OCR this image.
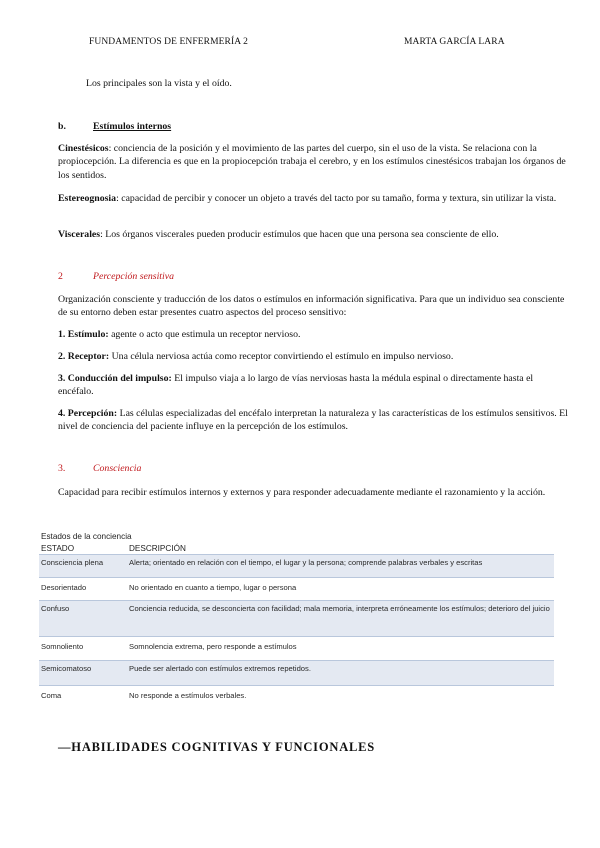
FUNDAMENTOS DE ENFERMERÍA 2	MARTA GARCÍA LARA

Los principales son la vista y el oído.

b.	Estímulos internos

Cinestésicos: conciencia de la posición y el movimiento de las partes del cuerpo, sin el uso de la vista. Se relaciona con la propiocepción. La diferencia es que en la propiocepción trabaja el cerebro, y en los estímulos cinestésicos trabajan los órganos de los sentidos.

Estereognosia: capacidad de percibir y conocer un objeto a través del tacto por su tamaño, forma y textura, sin utilizar la vista.

Viscerales: Los órganos viscerales pueden producir estímulos que hacen que una persona sea consciente de ello.

2	Percepción sensitiva

Organización consciente y traducción de los datos o estímulos en información significativa. Para que un individuo sea consciente de su entorno deben estar presentes cuatro aspectos del proceso sensitivo:

1. Estímulo: agente o acto que estimula un receptor nervioso.

2. Receptor: Una célula nerviosa actúa como receptor convirtiendo el estímulo en impulso nervioso.

3. Conducción del impulso: El impulso viaja a lo largo de vías nerviosas hasta la médula espinal o directamente hasta el encéfalo.

4. Percepción: Las células especializadas del encéfalo interpretan la naturaleza y las características de los estímulos sensitivos. El nivel de conciencia del paciente influye en la percepción de los estímulos.

3.	Consciencia

Capacidad para recibir estímulos internos y externos y para responder adecuadamente mediante el razonamiento y la acción.

Estados de la conciencia
ESTADO	DESCRIPCIÓN
Consciencia plena	Alerta; orientado en relación con el tiempo, el lugar y la persona; comprende palabras verbales y escritas
Desorientado	No orientado en cuanto a tiempo, lugar o persona
Confuso	Conciencia reducida, se desconcierta con facilidad; mala memoria, interpreta erróneamente los estímulos; deterioro del juicio
Somnoliento	Somnolencia extrema, pero responde a estímulos
Semicomatoso	Puede ser alertado con estímulos extremos repetidos.
Coma	No responde a estímulos verbales.
—HABILIDADES COGNITIVAS Y FUNCIONALES
